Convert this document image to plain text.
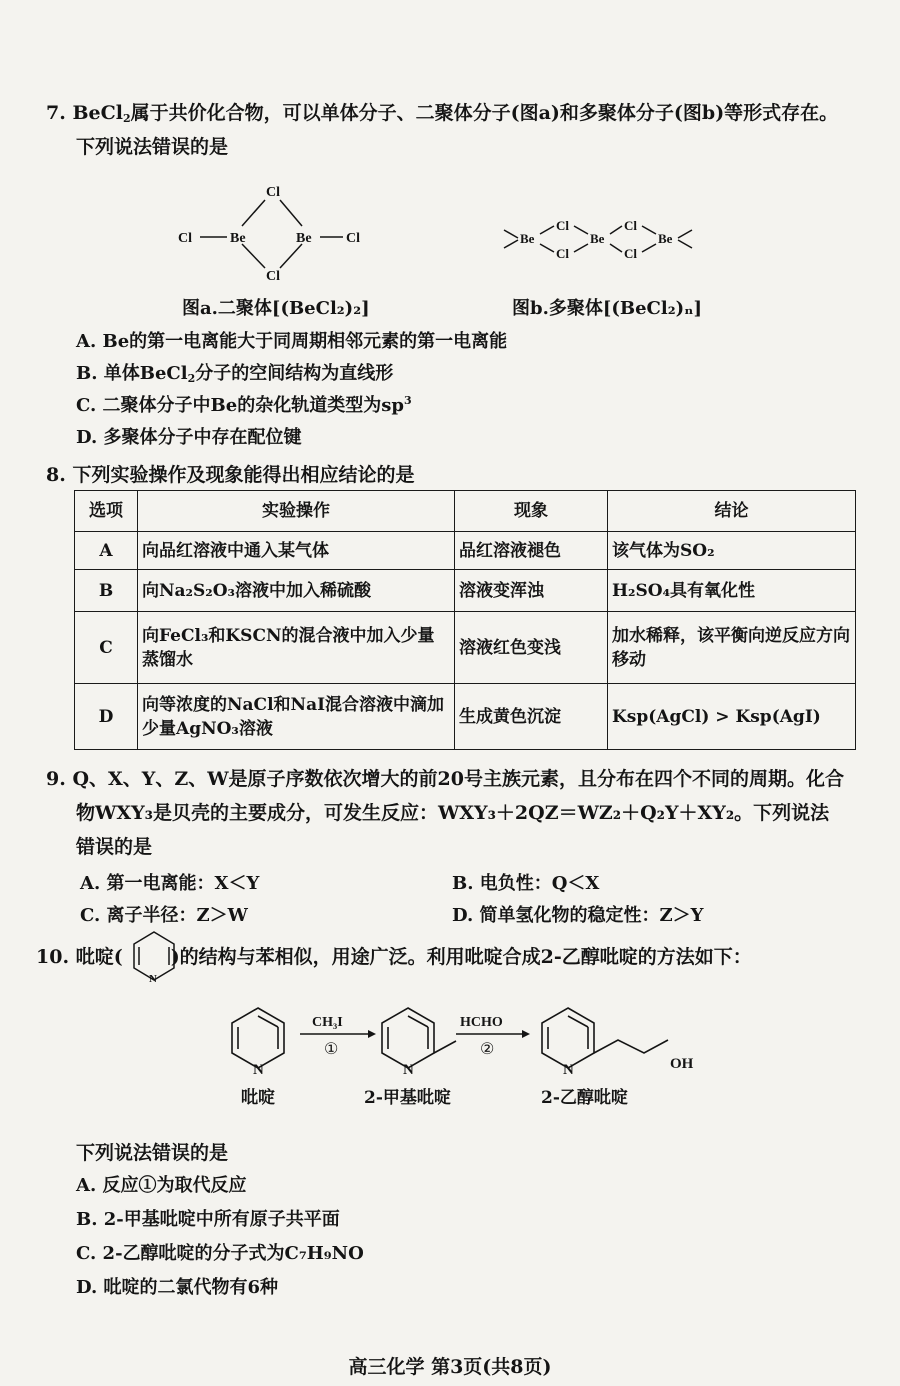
7. BeCl$_2$属于共价化合物，可以单体分子、二聚体分子(图a)和多聚体分子(图b)等形式存在。
下列说法错误的是
Cl
Cl	Be	Be Cl
Cl
Be
Cl
Cl
Be
Cl
Cl
Be
图a.二聚体[(BeCl₂)₂]	图b.多聚体[(BeCl₂)ₙ]
A. Be的第一电离能大于同周期相邻元素的第一电离能
B. 单体BeCl$_2$分子的空间结构为直线形
C. 二聚体分子中Be的杂化轨道类型为$sp^3$
D. 多聚体分子中存在配位键
8. 下列实验操作及现象能得出相应结论的是
选项	实验操作	现象	结论
A	向品红溶液中通入某气体	品红溶液褪色	该气体为SO₂
B	向Na₂S₂O₃溶液中加入稀硫酸	溶液变浑浊	H₂SO₄具有氧化性
C	向FeCl₃和KSCN的混合液中加入少量蒸馏水	溶液红色变浅	加水稀释，该平衡向逆反应方向移动
D	向等浓度的NaCl和NaI混合溶液中滴加少量AgNO₃溶液	生成黄色沉淀	Ksp(AgCl) > Ksp(AgI)
9. Q、X、Y、Z、W是原子序数依次增大的前20号主族元素，且分布在四个不同的周期。化合
物WXY₃是贝壳的主要成分，可发生反应：WXY₃＋2QZ＝WZ₂＋Q₂Y＋XY₂。下列说法
错误的是
A. 第一电离能：X＜Y	B. 电负性：Q＜X
C. 离子半径：Z＞W	D. 简单氢化物的稳定性：Z＞Y
10. 吡啶(	)的结构与苯相似，用途广泛。利用吡啶合成2-乙醇吡啶的方法如下：
N
N
CH₃I
①
N
HCHO
②
N	OH
吡啶	2-甲基吡啶	2-乙醇吡啶
下列说法错误的是
A. 反应①为取代反应
B. 2-甲基吡啶中所有原子共平面
C. 2-乙醇吡啶的分子式为C₇H₉NO
D. 吡啶的二氯代物有6种
高三化学 第3页(共8页)
